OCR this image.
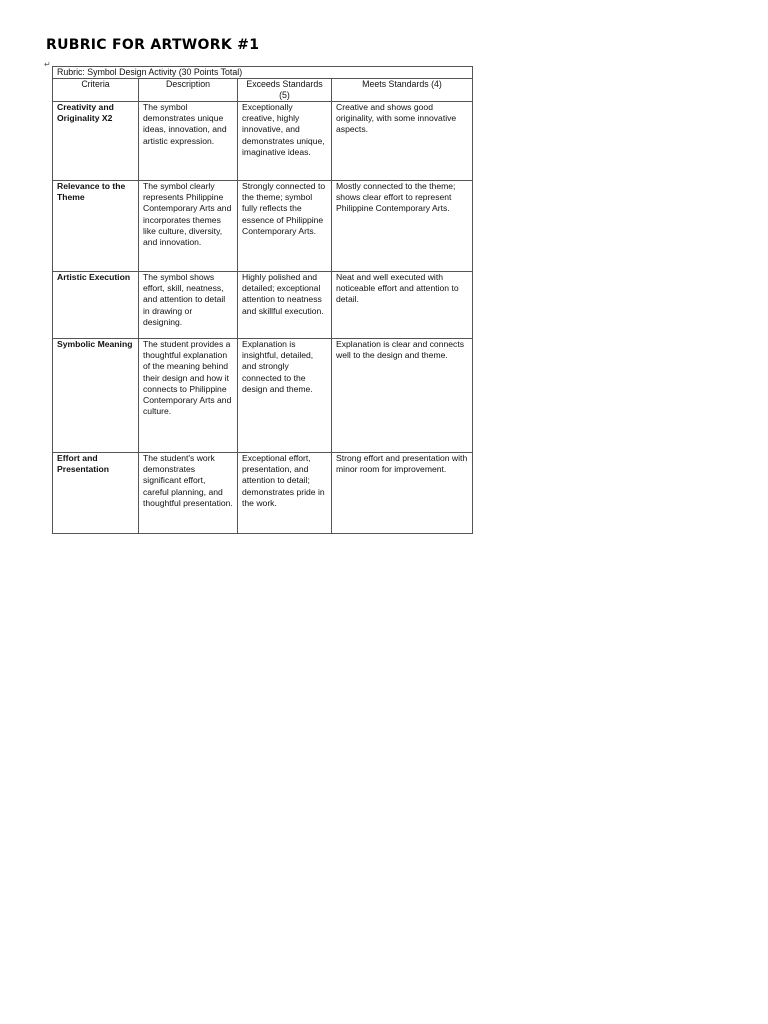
RUBRIC FOR ARTWORK #1
↵
Rubric: Symbol Design Activity (30 Points Total)			
Criteria	Description	Exceeds Standards (5)	Meets Standards (4)
Creativity and Originality X2	The symbol demonstrates unique ideas, innovation, and artistic expression.	Exceptionally creative, highly innovative, and demonstrates unique, imaginative ideas.	Creative and shows good originality, with some innovative aspects.
Relevance to the Theme	The symbol clearly represents Philippine Contemporary Arts and incorporates themes like culture, diversity, and innovation.	Strongly connected to the theme; symbol fully reflects the essence of Philippine Contemporary Arts.	Mostly connected to the theme; shows clear effort to represent Philippine Contemporary Arts.
Artistic Execution	The symbol shows effort, skill, neatness, and attention to detail in drawing or designing.	Highly polished and detailed; exceptional attention to neatness and skillful execution.	Neat and well executed with noticeable effort and attention to detail.
Symbolic Meaning	The student provides a thoughtful explanation of the meaning behind their design and how it connects to Philippine Contemporary Arts and culture.	Explanation is insightful, detailed, and strongly connected to the design and theme.	Explanation is clear and connects well to the design and theme.
Effort and Presentation	The student's work demonstrates significant effort, careful planning, and thoughtful presentation.	Exceptional effort, presentation, and attention to detail; demonstrates pride in the work.	Strong effort and presentation with minor room for improvement.
